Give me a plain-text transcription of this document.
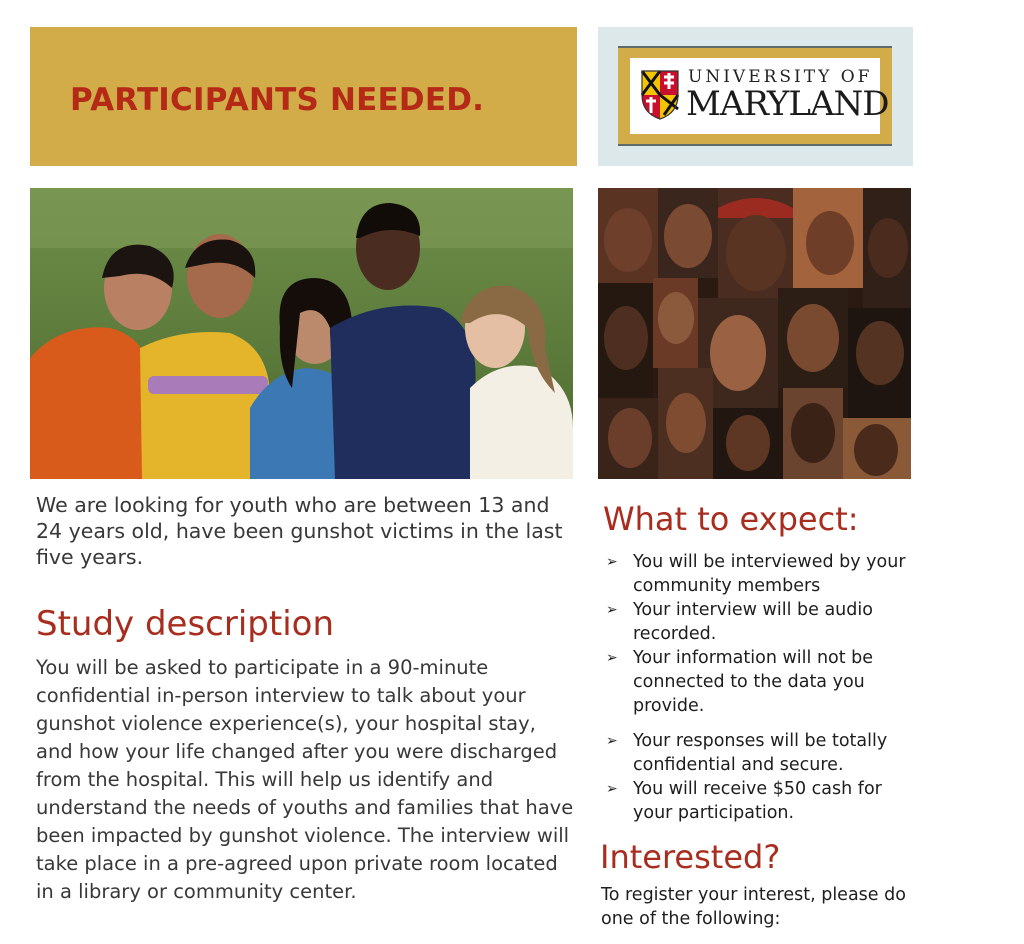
PARTICIPANTS NEEDED.
UNIVERSITY OF
MARYLAND

We are looking for youth who are between 13 and 24 years old, have been gunshot victims in the last five years.

Study description

You will be asked to participate in a 90-minute confidential in-person interview to talk about your gunshot violence experience(s), your hospital stay, and how your life changed after you were discharged from the hospital. This will help us identify and understand the needs of youths and families that have been impacted by gunshot violence. The interview will take place in a pre-agreed upon private room located in a library or community center.

What to expect:
➢ You will be interviewed by your community members
➢ Your interview will be audio recorded.
➢ Your information will not be connected to the data you provide.
➢ Your responses will be totally confidential and secure.
➢ You will receive $50 cash for your participation.
Interested?

To register your interest, please do one of the following:
